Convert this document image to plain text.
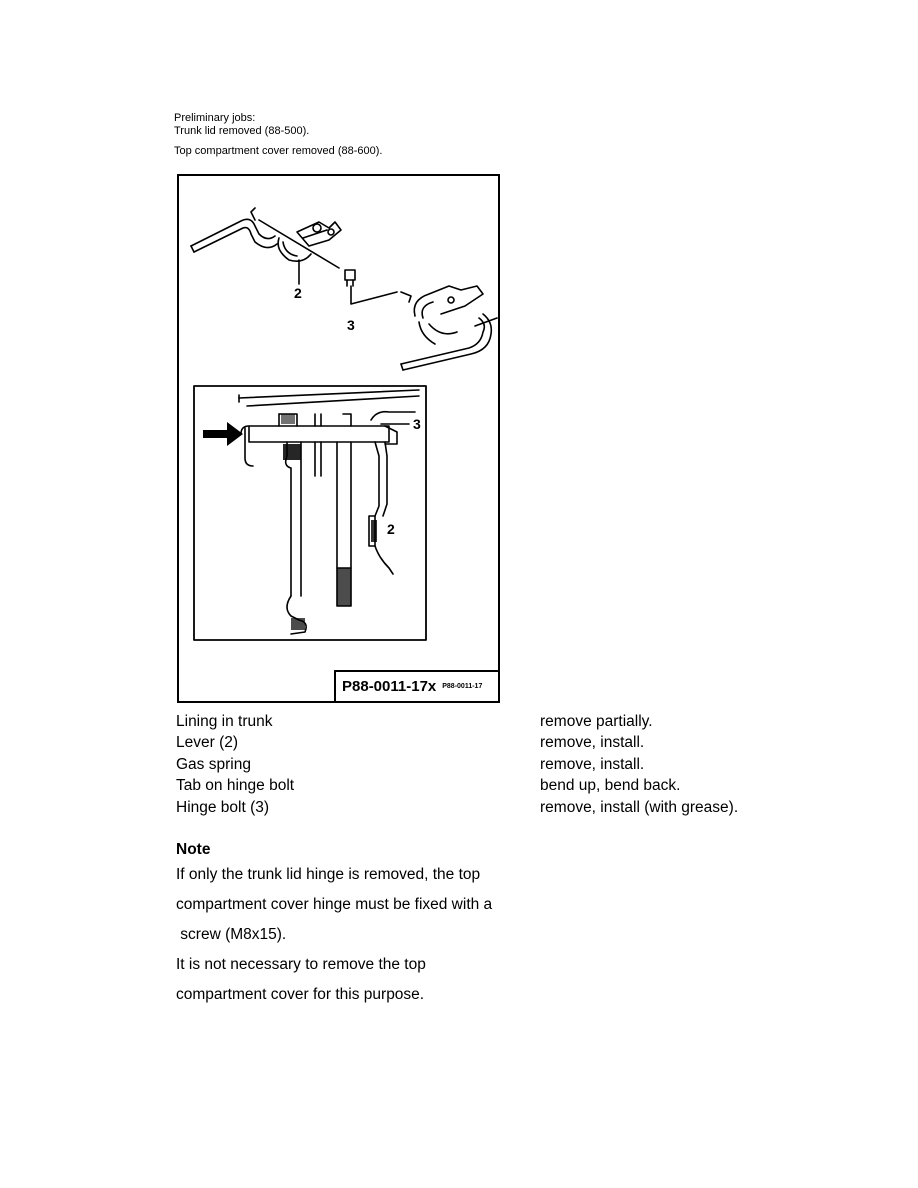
Preliminary jobs:
Trunk lid removed (88-500).
Top compartment cover removed (88-600).
2
3
3
2
P88-0011-17x P88-0011-17
Lining in trunk	remove partially.
Lever (2)	remove, install.
Gas spring	remove, install.
Tab on hinge bolt	bend up, bend back.
Hinge bolt (3)	remove, install (with grease).
Note
If only the trunk lid hinge is removed, the top
compartment cover hinge must be fixed with a
screw (M8x15).
It is not necessary to remove the top
compartment cover for this purpose.
